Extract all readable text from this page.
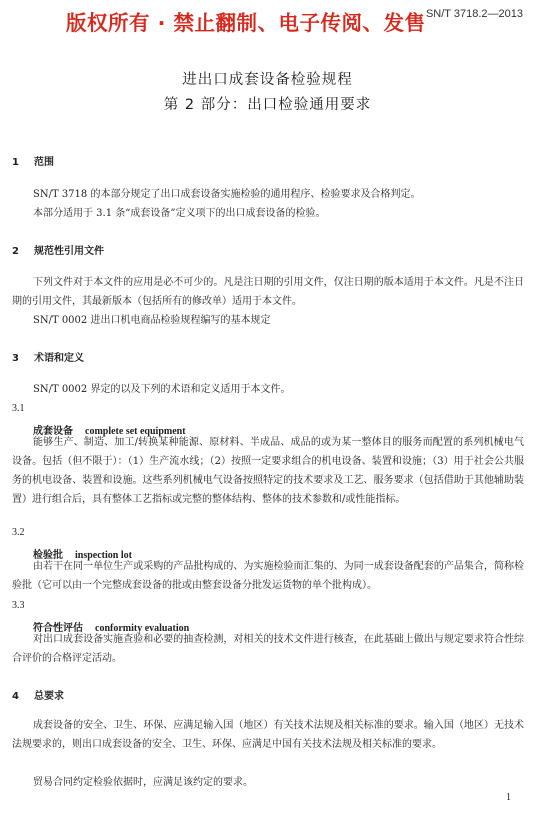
版权所有 · 禁止翻制、电子传阅、发售 SN/T 3718.2—2013
进出口成套设备检验规程
第 2 部分：出口检验通用要求
1 范围
SN/T 3718 的本部分规定了出口成套设备实施检验的通用程序、检验要求及合格判定。
本部分适用于 3.1 条“成套设备”定义项下的出口成套设备的检验。
2 规范性引用文件
下列文件对于本文件的应用是必不可少的。凡是注日期的引用文件，仅注日期的版本适用于本文件。凡是不注日期的引用文件，其最新版本（包括所有的修改单）适用于本文件。
SN/T 0002 进出口机电商品检验规程编写的基本规定
3 术语和定义
SN/T 0002 界定的以及下列的术语和定义适用于本文件。
3.1
成套设备 complete set equipment
能够生产、制造、加工/转换某种能源、原材料、半成品、成品的或为某一整体目的服务而配置的系列机械电气设备。包括（但不限于）：（1）生产流水线；（2）按照一定要求组合的机电设备、装置和设施；（3）用于社会公共服务的机电设备、装置和设施。这些系列机械电气设备按照特定的技术要求及工艺、服务要求（包括借助于其他辅助装置）进行组合后，具有整体工艺指标或完整的整体结构、整体的技术参数和/或性能指标。
3.2
检验批 inspection lot
由若干在同一单位生产或采购的产品批构成的、为实施检验而汇集的、为同一成套设备配套的产品集合，简称检验批（它可以由一个完整成套设备的批或由整套设备分批发运货物的单个批构成）。
3.3
符合性评估 conformity evaluation
对出口成套设备实施查验和必要的抽查检测，对相关的技术文件进行核查，在此基础上做出与规定要求符合性综合评价的合格评定活动。
4 总要求
成套设备的安全、卫生、环保、应满足输入国（地区）有关技术法规及相关标准的要求。输入国（地区）无技术法规要求的，则出口成套设备的安全、卫生、环保、应满足中国有关技术法规及相关标准的要求。
贸易合同约定检验依据时，应满足该约定的要求。
1
